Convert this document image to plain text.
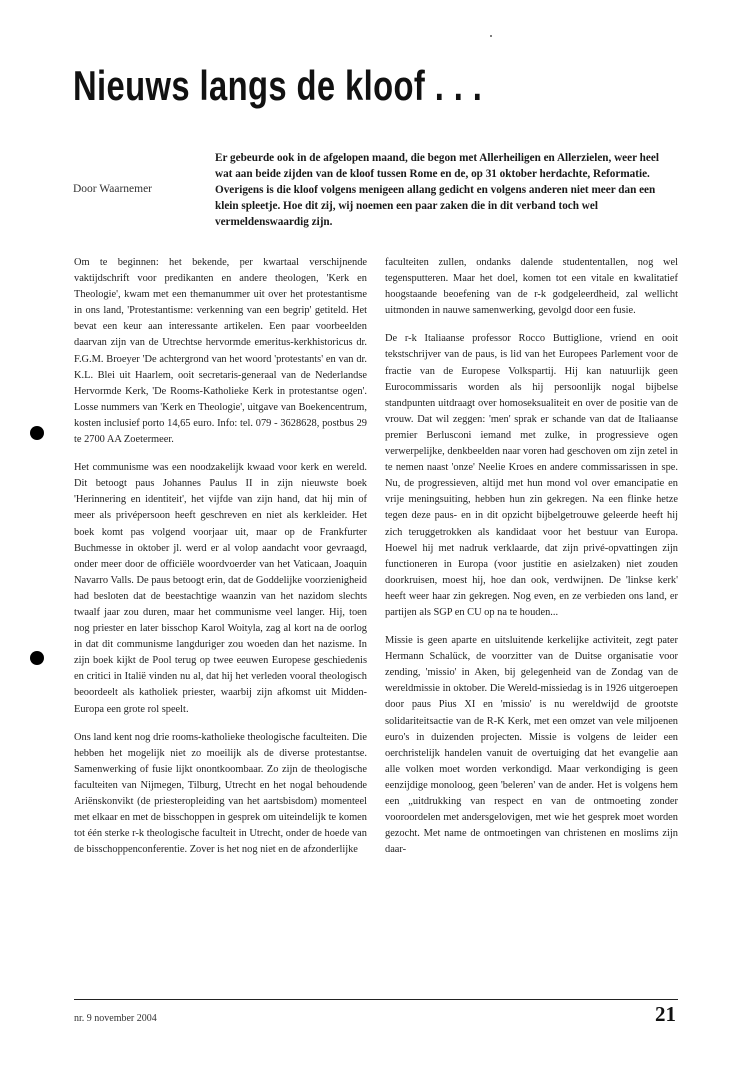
Nieuws langs de kloof . . .
Door Waarnemer
Er gebeurde ook in de afgelopen maand, die begon met Allerheiligen en Allerzielen, weer heel wat aan beide zijden van de kloof tussen Rome en de, op 31 oktober herdachte, Reformatie. Overigens is die kloof volgens menigeen allang gedicht en volgens anderen niet meer dan een klein spleetje. Hoe dit zij, wij noemen een paar zaken die in dit verband toch wel vermeldenswaardig zijn.

Om te beginnen: het bekende, per kwartaal verschijnende vaktijdschrift voor predikanten en andere theologen, 'Kerk en Theologie', kwam met een themanummer uit over het protestantisme in ons land, 'Protestantisme: verkenning van een begrip' getiteld. Het bevat een keur aan interessante artikelen. Een paar voorbeelden daarvan zijn van de Utrechtse hervormde emeritus-kerkhistoricus dr. F.G.M. Broeyer 'De achtergrond van het woord 'protestants' en van dr. K.L. Blei uit Haarlem, ooit secretaris-generaal van de Nederlandse Hervormde Kerk, 'De Rooms-Katholieke Kerk in protestantse ogen'. Losse nummers van 'Kerk en Theologie', uitgave van Boekencentrum, kosten inclusief porto 14,65 euro. Info: tel. 079 - 3628628, postbus 29 te 2700 AA Zoetermeer.

Het communisme was een noodzakelijk kwaad voor kerk en wereld. Dit betoogt paus Johannes Paulus II in zijn nieuwste boek 'Herinnering en identiteit', het vijfde van zijn hand, dat hij min of meer als privépersoon heeft geschreven en niet als kerkleider. Het boek komt pas volgend voorjaar uit, maar op de Frankfurter Buchmesse in oktober jl. werd er al volop aandacht voor gevraagd, onder meer door de officiële woordvoerder van het Vaticaan, Joaquin Navarro Valls. De paus betoogt erin, dat de Goddelijke voorzienigheid had besloten dat de beestachtige waanzin van het nazidom slechts twaalf jaar zou duren, maar het communisme veel langer. Hij, toen nog priester en later bisschop Karol Woityla, zag al kort na de oorlog in dat dit communisme langduriger zou woeden dan het nazisme. In zijn boek kijkt de Pool terug op twee eeuwen Europese geschiedenis en critici in Italië vinden nu al, dat hij het verleden vooral theologisch beoordeelt als katholiek priester, waarbij zijn afkomst uit Midden-Europa een grote rol speelt.

Ons land kent nog drie rooms-katholieke theologische faculteiten. Die hebben het mogelijk niet zo moeilijk als de diverse protestantse. Samenwerking of fusie lijkt onontkoombaar. Zo zijn de theologische faculteiten van Nijmegen, Tilburg, Utrecht en het nogal behoudende Ariënskonvikt (de priesteropleiding van het aartsbisdom) momenteel met elkaar en met de bisschoppen in gesprek om uiteindelijk te komen tot één sterke r-k theologische faculteit in Utrecht, onder de hoede van de bisschoppenconferentie. Zover is het nog niet en de afzonderlijke

faculteiten zullen, ondanks dalende studententallen, nog wel tegensputteren. Maar het doel, komen tot een vitale en kwalitatief hoogstaande beoefening van de r-k godgeleerdheid, zal wellicht uitmonden in nauwe samenwerking, gevolgd door een fusie.

De r-k Italiaanse professor Rocco Buttiglione, vriend en ooit tekstschrijver van de paus, is lid van het Europees Parlement voor de fractie van de Europese Volkspartij. Hij kan natuurlijk geen Eurocommissaris worden als hij persoonlijk nogal bijbelse standpunten uitdraagt over homoseksualiteit en over de positie van de vrouw. Dat wil zeggen: 'men' sprak er schande van dat de Italiaanse premier Berlusconi iemand met zulke, in progressieve ogen verwerpelijke, denkbeelden naar voren had geschoven om zijn zetel in te nemen naast 'onze' Neelie Kroes en andere commissarissen in spe. Nu, de progressieven, altijd met hun mond vol over emancipatie en vrije meningsuiting, hebben hun zin gekregen. Na een flinke hetze tegen deze paus- en in dit opzicht bijbelgetrouwe geleerde heeft hij zich teruggetrokken als kandidaat voor het bestuur van Europa. Hoewel hij met nadruk verklaarde, dat zijn privé-opvattingen zijn functioneren in Europa (voor justitie en asielzaken) niet zouden doorkruisen, moest hij, hoe dan ook, verdwijnen. De 'linkse kerk' heeft weer haar zin gekregen. Nog even, en ze verbieden ons land, er partijen als SGP en CU op na te houden...

Missie is geen aparte en uitsluitende kerkelijke activiteit, zegt pater Hermann Schalück, de voorzitter van de Duitse organisatie voor zending, 'missio' in Aken, bij gelegenheid van de Zondag van de wereldmissie in oktober. Die Wereld-missiedag is in 1926 uitgeroepen door paus Pius XI en 'missio' is nu wereldwijd de grootste solidariteitsactie van de R-K Kerk, met een omzet van vele miljoenen euro's in duizenden projecten. Missie is volgens de leider een oerchristelijk handelen vanuit de overtuiging dat het evangelie aan alle volken moet worden verkondigd. Maar verkondiging is geen eenzijdige monoloog, geen 'beleren' van de ander. Het is volgens hem een „uitdrukking van respect en van de ontmoeting zonder vooroordelen met andersgelovigen, met wie het gesprek moet worden gezocht. Met name de ontmoetingen van christenen en moslims zijn daar-

nr. 9 november 2004	21
